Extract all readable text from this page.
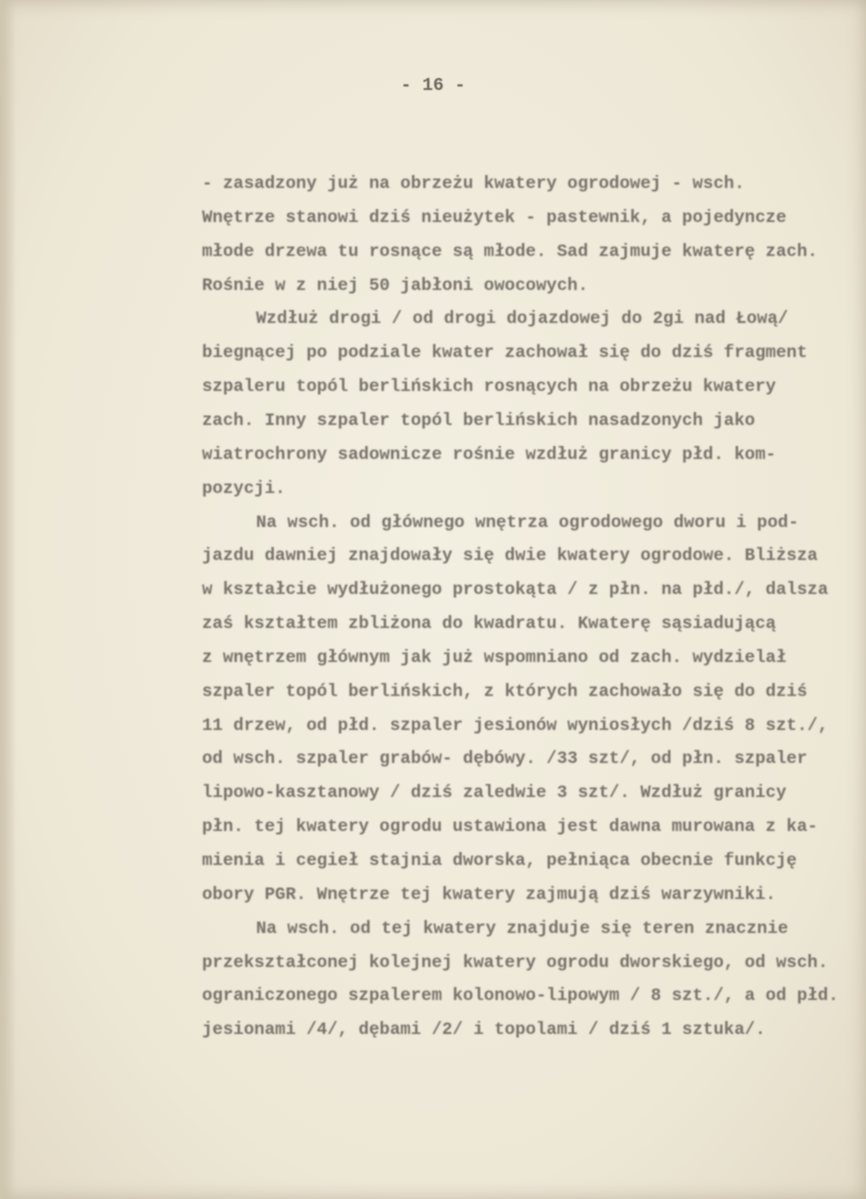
- 16 -
- zasadzony już na obrzeżu kwatery ogrodowej - wsch.
Wnętrze stanowi dziś nieużytek - pastewnik, a pojedyncze
młode drzewa tu rosnące są młode. Sad zajmuje kwaterę zach.
Rośnie w z niej 50 jabłoni owocowych.
Wzdłuż drogi / od drogi dojazdowej do 2gi nad Łową/
biegnącej po podziale kwater zachował się do dziś fragment
szpaleru topól berlińskich rosnących na obrzeżu kwatery
zach. Inny szpaler topól berlińskich nasadzonych jako
wiatrochrony sadownicze rośnie wzdłuż granicy płd. kom-
pozycji.
Na wsch. od głównego wnętrza ogrodowego dworu i pod-
jazdu dawniej znajdowały się dwie kwatery ogrodowe. Bliższa
w kształcie wydłużonego prostokąta / z płn. na płd./, dalsza
zaś kształtem zbliżona do kwadratu. Kwaterę sąsiadującą
z wnętrzem głównym jak już wspomniano od zach. wydzielał
szpaler topól berlińskich, z których zachowało się do dziś
11 drzew, od płd. szpaler jesionów wyniosłych /dziś 8 szt./,
od wsch. szpaler grabów- dębówy. /33 szt/, od płn. szpaler
lipowo-kasztanowy / dziś zaledwie 3 szt/. Wzdłuż granicy
płn. tej kwatery ogrodu ustawiona jest dawna murowana z ka-
mienia i cegieł stajnia dworska, pełniąca obecnie funkcję
obory PGR. Wnętrze tej kwatery zajmują dziś warzywniki.
Na wsch. od tej kwatery znajduje się teren znacznie
przekształconej kolejnej kwatery ogrodu dworskiego, od wsch.
ograniczonego szpalerem kolonowo-lipowym / 8 szt./, a od płd.
jesionami /4/, dębami /2/ i topolami / dziś 1 sztuka/.
